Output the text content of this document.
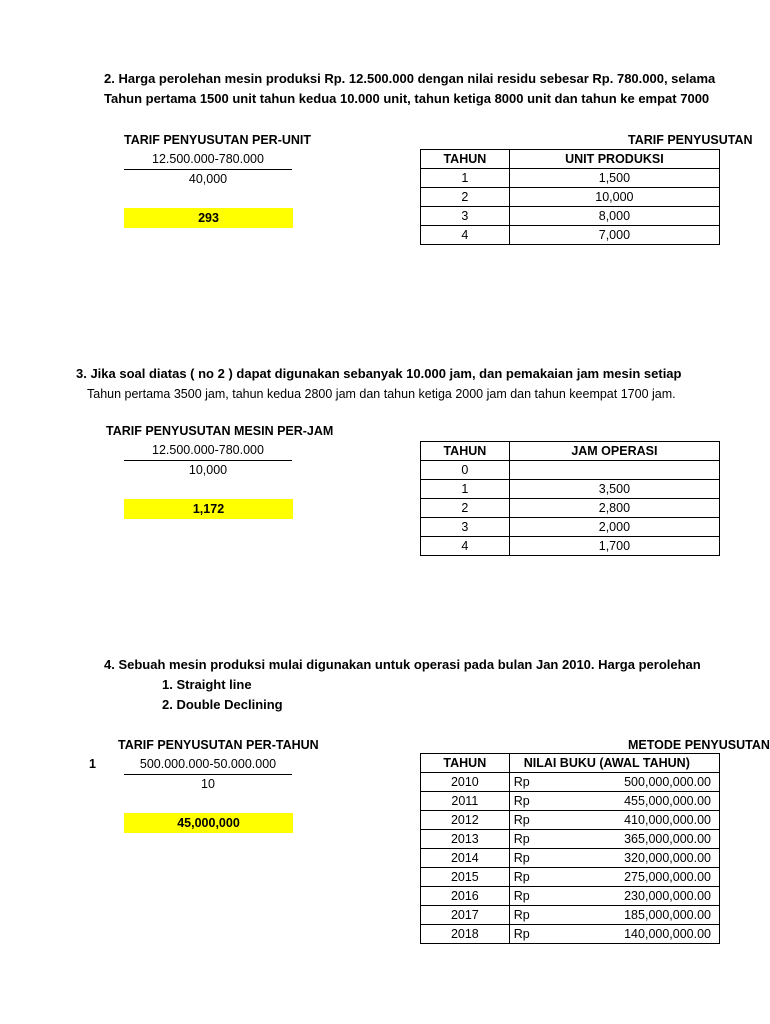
2. Harga perolehan mesin produksi Rp. 12.500.000 dengan nilai residu sebesar Rp. 780.000, selama
Tahun pertama 1500 unit tahun kedua 10.000 unit, tahun ketiga 8000 unit dan tahun ke empat 7000
TARIF PENYUSUTAN PER-UNIT
12.500.000-780.000
40,000
293
TARIF PENYUSUTAN
TAHUN	UNIT PRODUKSI
1	1,500
2	10,000
3	8,000
4	7,000
3. Jika soal diatas ( no 2 ) dapat digunakan sebanyak 10.000 jam, dan pemakaian jam mesin setiap
Tahun pertama 3500 jam, tahun kedua 2800 jam dan tahun ketiga 2000 jam dan tahun keempat 1700 jam.
TARIF PENYUSUTAN MESIN PER-JAM
12.500.000-780.000
10,000
1,172
TAHUN	JAM OPERASI
0	
1	3,500
2	2,800
3	2,000
4	1,700
4. Sebuah mesin produksi mulai digunakan untuk operasi pada bulan Jan 2010. Harga perolehan
1. Straight line
2. Double Declining
TARIF PENYUSUTAN PER-TAHUN
1	500.000.000-50.000.000
10
45,000,000
METODE PENYUSUTAN
TAHUN	NILAI BUKU (AWAL TAHUN)	
2010	Rp	500,000,000.00
2011	Rp	455,000,000.00
2012	Rp	410,000,000.00
2013	Rp	365,000,000.00
2014	Rp	320,000,000.00
2015	Rp	275,000,000.00
2016	Rp	230,000,000.00
2017	Rp	185,000,000.00
2018	Rp	140,000,000.00
